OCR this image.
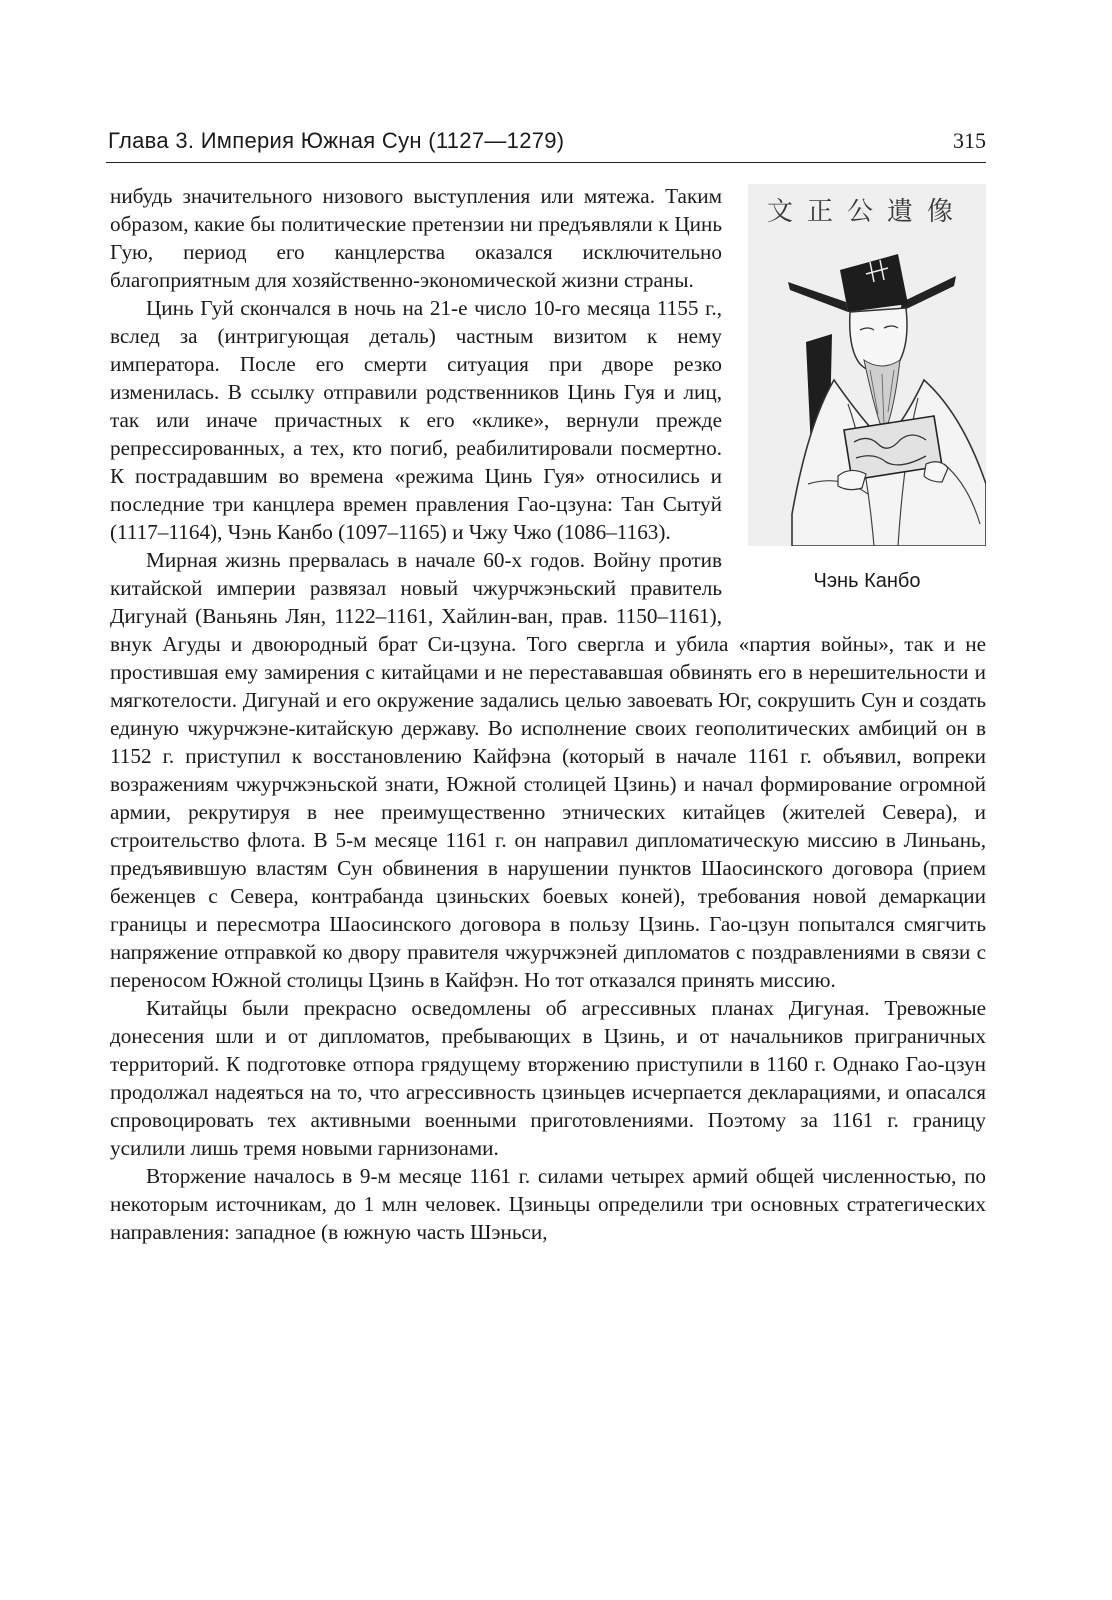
Глава 3. Империя Южная Сун (1127—1279)	315
文正公遺像
Чэнь Канбо

нибудь значительного низового выступления или мятежа. Таким образом, какие бы политические претензии ни предъявляли к Цинь Гую, период его канцлерства оказался исключительно благоприятным для хозяйственно-экономической жизни страны.

Цинь Гуй скончался в ночь на 21-е число 10-го месяца 1155 г., вслед за (интригующая деталь) частным визитом к нему императора. После его смерти ситуация при дворе резко изменилась. В ссылку отправили родственников Цинь Гуя и лиц, так или иначе причастных к его «клике», вернули прежде репрессированных, а тех, кто погиб, реабилитировали посмертно. К пострадавшим во времена «режима Цинь Гуя» относились и последние три канцлера времен правления Гао-цзуна: Тан Сытуй (1117–1164), Чэнь Канбо (1097–1165) и Чжу Чжо (1086–1163).

Мирная жизнь прервалась в начале 60-х годов. Войну против китайской империи развязал новый чжурчжэньский правитель Дигунай (Ваньянь Лян, 1122–1161, Хайлин-ван, прав. 1150–1161), внук Агуды и двоюродный брат Си-цзуна. Того свергла и убила «партия войны», так и не простившая ему замирения с китайцами и не перестававшая обвинять его в нерешительности и мягкотелости. Дигунай и его окружение задались целью завоевать Юг, сокрушить Сун и создать единую чжурчжэне-китайскую державу. Во исполнение своих геополитических амбиций он в 1152 г. приступил к восстановлению Кайфэна (который в начале 1161 г. объявил, вопреки возражениям чжурчжэньской знати, Южной столицей Цзинь) и начал формирование огромной армии, рекрутируя в нее преимущественно этнических китайцев (жителей Севера), и строительство флота. В 5-м месяце 1161 г. он направил дипломатическую миссию в Линьань, предъявившую властям Сун обвинения в нарушении пунктов Шаосинского договора (прием беженцев с Севера, контрабанда цзиньских боевых коней), требования новой демаркации границы и пересмотра Шаосинского договора в пользу Цзинь. Гао-цзун попытался смягчить напряжение отправкой ко двору правителя чжурчжэней дипломатов с поздравлениями в связи с переносом Южной столицы Цзинь в Кайфэн. Но тот отказался принять миссию.

Китайцы были прекрасно осведомлены об агрессивных планах Дигуная. Тревожные донесения шли и от дипломатов, пребывающих в Цзинь, и от начальников приграничных территорий. К подготовке отпора грядущему вторжению приступили в 1160 г. Однако Гао-цзун продолжал надеяться на то, что агрессивность цзиньцев исчерпается декларациями, и опасался спровоцировать тех активными военными приготовлениями. Поэтому за 1161 г. границу усилили лишь тремя новыми гарнизонами.

Вторжение началось в 9-м месяце 1161 г. силами четырех армий общей численностью, по некоторым источникам, до 1 млн человек. Цзиньцы определили три основных стратегических направления: западное (в южную часть Шэньси,
